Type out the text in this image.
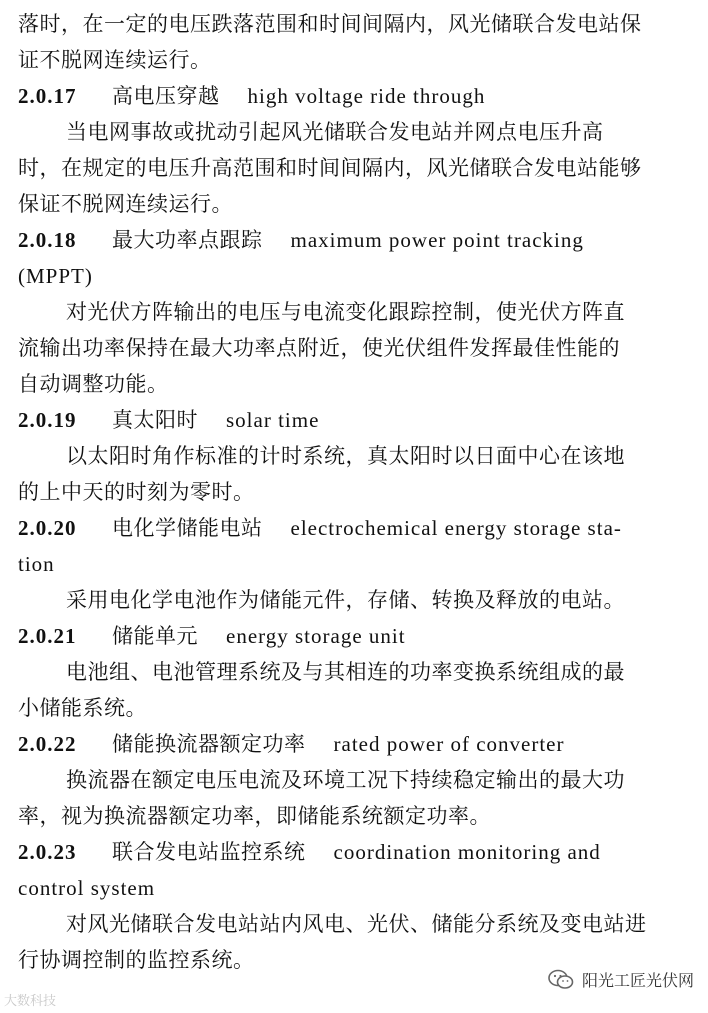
落时，在一定的电压跌落范围和时间间隔内，风光储联合发电站保
证不脱网连续运行。
2.0.17 高电压穿越 high voltage ride through
当电网事故或扰动引起风光储联合发电站并网点电压升高
时，在规定的电压升高范围和时间间隔内，风光储联合发电站能够
保证不脱网连续运行。
2.0.18 最大功率点跟踪 maximum power point tracking
(MPPT)
对光伏方阵输出的电压与电流变化跟踪控制，使光伏方阵直
流输出功率保持在最大功率点附近，使光伏组件发挥最佳性能的
自动调整功能。
2.0.19 真太阳时 solar time
以太阳时角作标准的计时系统，真太阳时以日面中心在该地
的上中天的时刻为零时。
2.0.20 电化学储能电站 electrochemical energy storage sta-
tion
采用电化学电池作为储能元件，存储、转换及释放的电站。
2.0.21 储能单元 energy storage unit
电池组、电池管理系统及与其相连的功率变换系统组成的最
小储能系统。
2.0.22 储能换流器额定功率 rated power of converter
换流器在额定电压电流及环境工况下持续稳定输出的最大功
率，视为换流器额定功率，即储能系统额定功率。
2.0.23 联合发电站监控系统 coordination monitoring and
control system
对风光储联合发电站站内风电、光伏、储能分系统及变电站进
行协调控制的监控系统。
大数科技
阳光工匠光伏网
